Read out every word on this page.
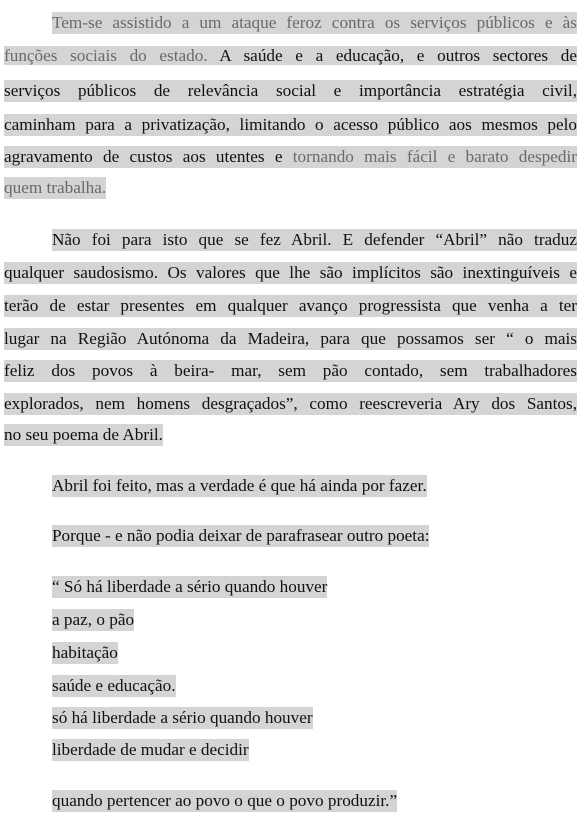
Tem-se assistido a um ataque feroz contra os serviços públicos e às
funções sociais do estado. A saúde e a educação, e outros sectores de
serviços públicos de relevância social e importância estratégia civil,
caminham para a privatização, limitando o acesso público aos mesmos pelo
agravamento de custos aos utentes e tornando mais fácil e barato despedir
quem trabalha.
Não foi para isto que se fez Abril. E defender “Abril” não traduz
qualquer saudosismo. Os valores que lhe são implícitos são inextinguíveis e
terão de estar presentes em qualquer avanço progressista que venha a ter
lugar na Região Autónoma da Madeira, para que possamos ser “ o mais
feliz dos povos à beira- mar, sem pão contado, sem trabalhadores
explorados, nem homens desgraçados”, como reescreveria Ary dos Santos,
no seu poema de Abril.
Abril foi feito, mas a verdade é que há ainda por fazer.
Porque - e não podia deixar de parafrasear outro poeta:
“ Só há liberdade a sério quando houver
a paz, o pão
habitação
saúde e educação.
só há liberdade a sério quando houver
liberdade de mudar e decidir
quando pertencer ao povo o que o povo produzir.”
